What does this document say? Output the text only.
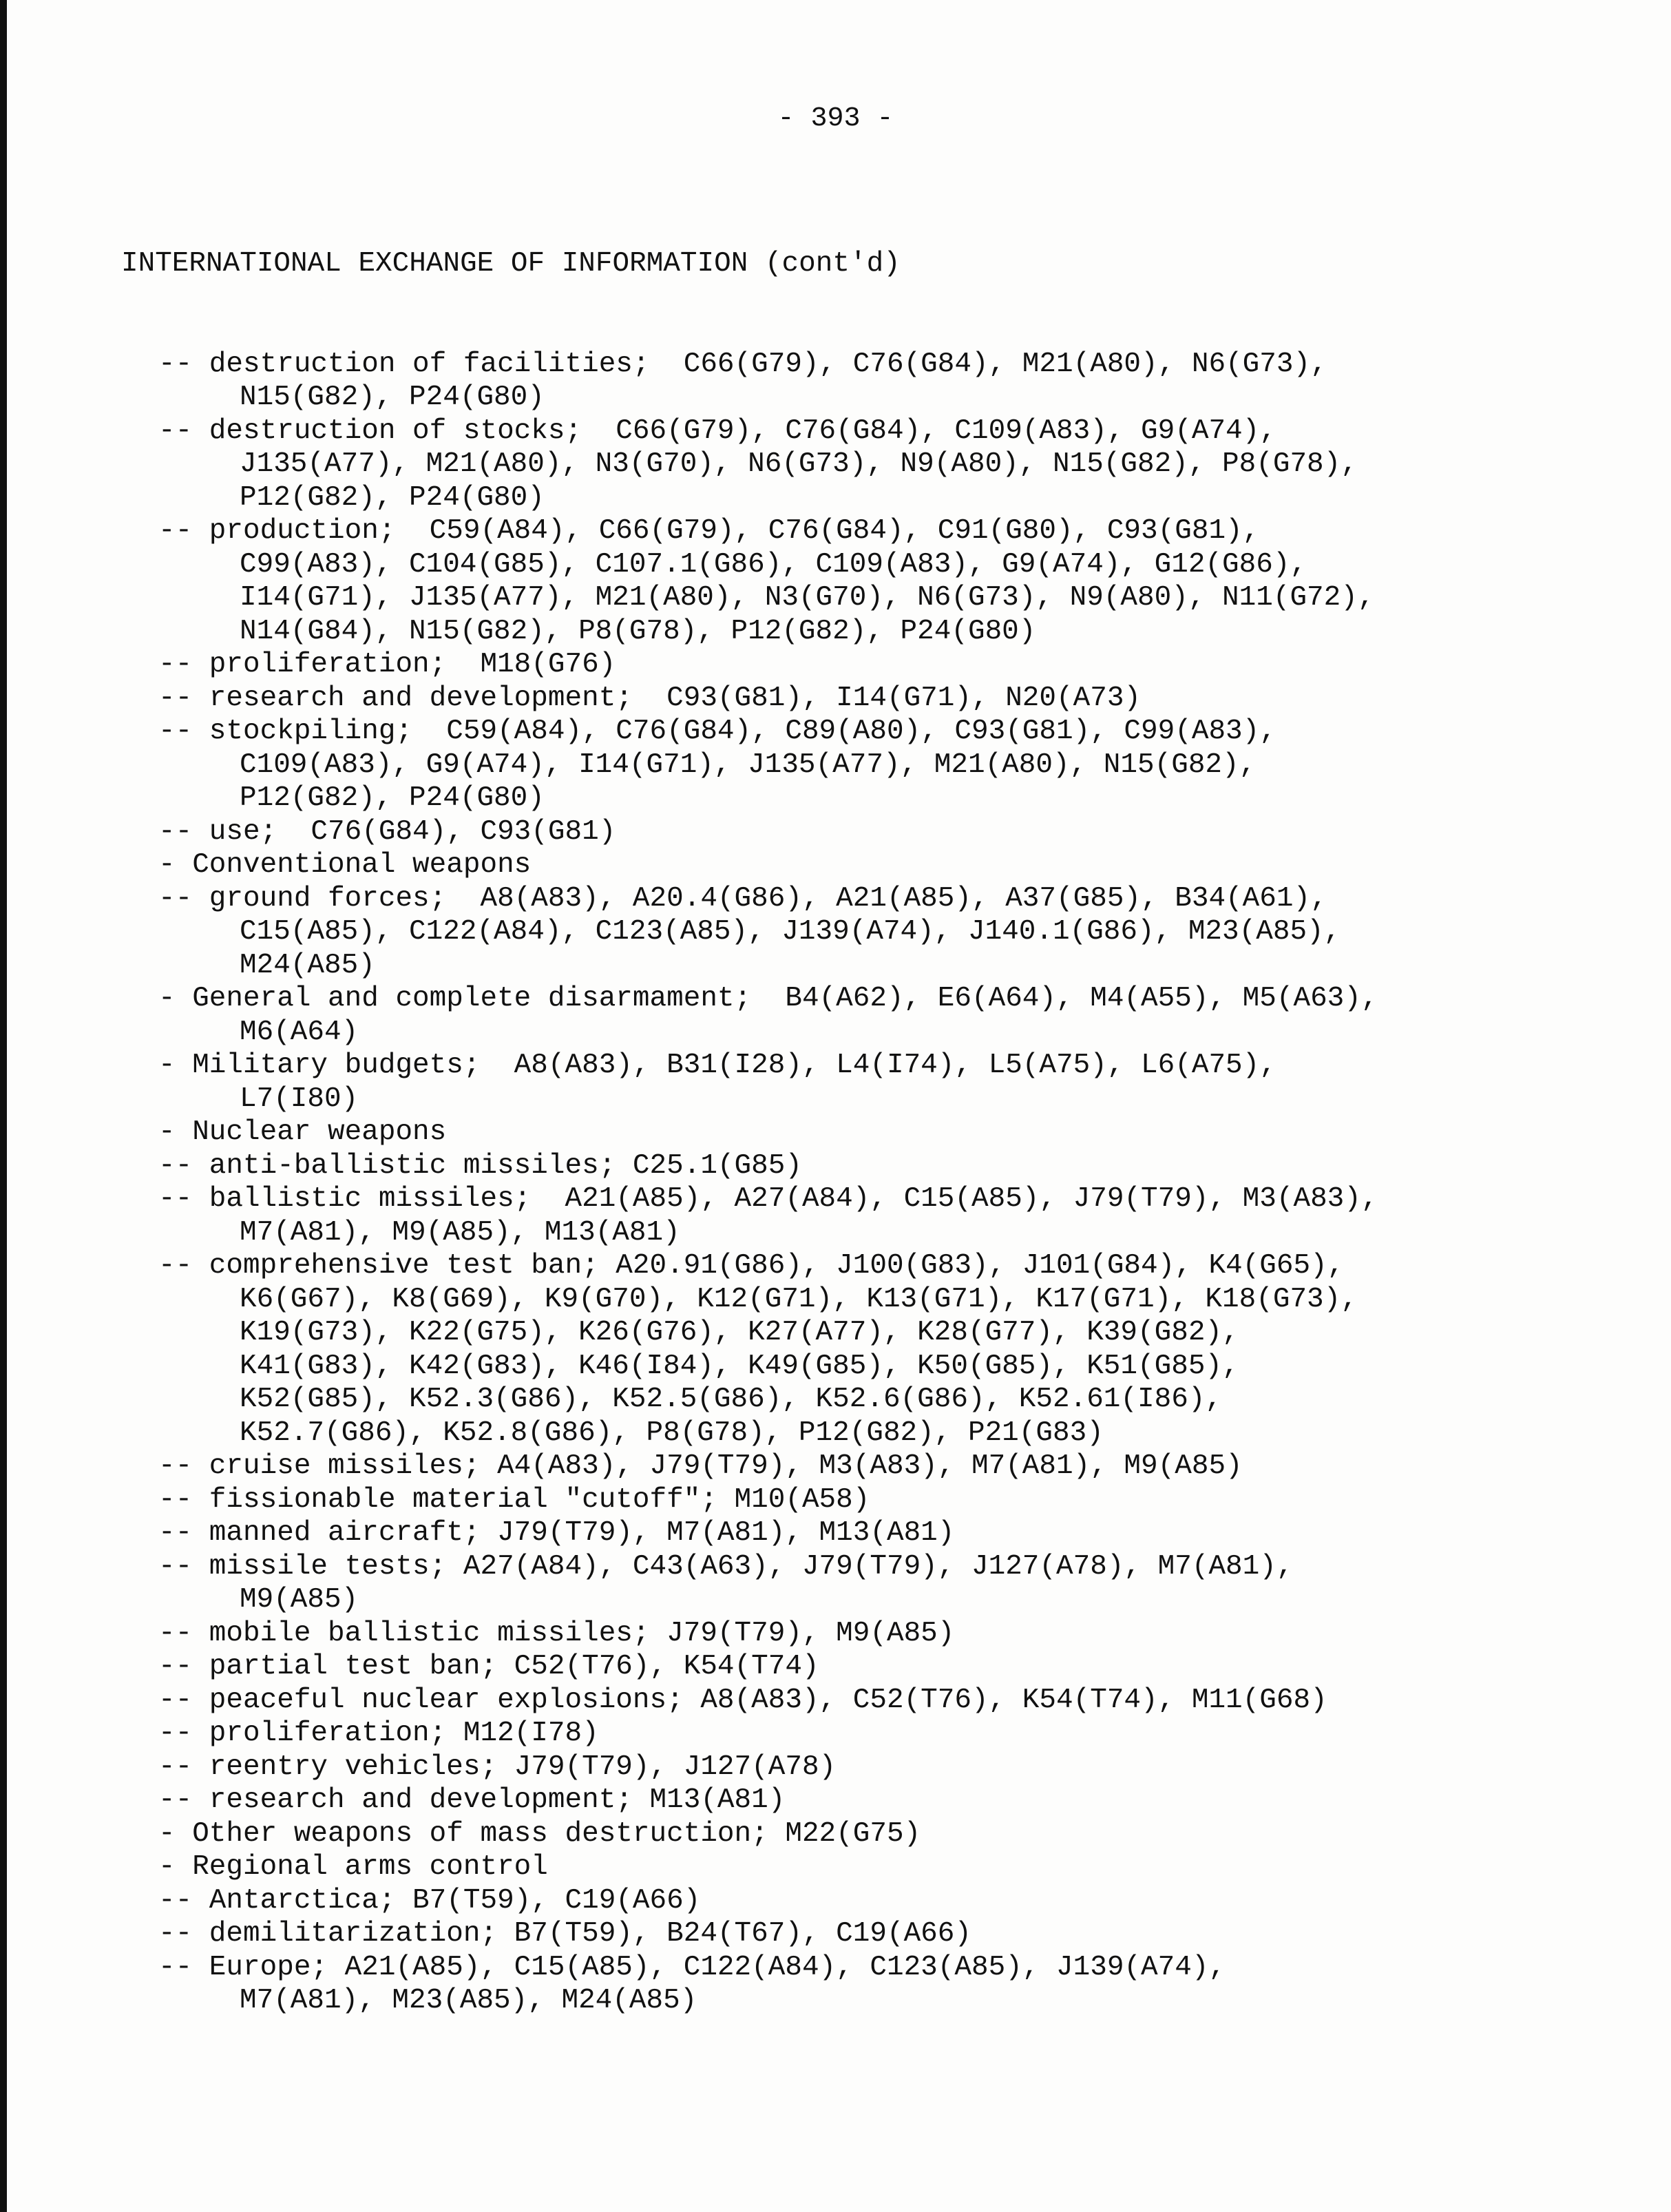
- 393 -

INTERNATIONAL EXCHANGE OF INFORMATION (cont'd)

-- destruction of facilities;  C66(G79), C76(G84), M21(A80), N6(G73),
N15(G82), P24(G80)
-- destruction of stocks;  C66(G79), C76(G84), C109(A83), G9(A74),
J135(A77), M21(A80), N3(G70), N6(G73), N9(A80), N15(G82), P8(G78),
P12(G82), P24(G80)
-- production;  C59(A84), C66(G79), C76(G84), C91(G80), C93(G81),
C99(A83), C104(G85), C107.1(G86), C109(A83), G9(A74), G12(G86),
I14(G71), J135(A77), M21(A80), N3(G70), N6(G73), N9(A80), N11(G72),
N14(G84), N15(G82), P8(G78), P12(G82), P24(G80)
-- proliferation;  M18(G76)
-- research and development;  C93(G81), I14(G71), N20(A73)
-- stockpiling;  C59(A84), C76(G84), C89(A80), C93(G81), C99(A83),
C109(A83), G9(A74), I14(G71), J135(A77), M21(A80), N15(G82),
P12(G82), P24(G80)
-- use;  C76(G84), C93(G81)
- Conventional weapons
-- ground forces;  A8(A83), A20.4(G86), A21(A85), A37(G85), B34(A61),
C15(A85), C122(A84), C123(A85), J139(A74), J140.1(G86), M23(A85),
M24(A85)
- General and complete disarmament;  B4(A62), E6(A64), M4(A55), M5(A63),
M6(A64)
- Military budgets;  A8(A83), B31(I28), L4(I74), L5(A75), L6(A75),
L7(I80)
- Nuclear weapons
-- anti-ballistic missiles; C25.1(G85)
-- ballistic missiles;  A21(A85), A27(A84), C15(A85), J79(T79), M3(A83),
M7(A81), M9(A85), M13(A81)
-- comprehensive test ban; A20.91(G86), J100(G83), J101(G84), K4(G65),
K6(G67), K8(G69), K9(G70), K12(G71), K13(G71), K17(G71), K18(G73),
K19(G73), K22(G75), K26(G76), K27(A77), K28(G77), K39(G82),
K41(G83), K42(G83), K46(I84), K49(G85), K50(G85), K51(G85),
K52(G85), K52.3(G86), K52.5(G86), K52.6(G86), K52.61(I86),
K52.7(G86), K52.8(G86), P8(G78), P12(G82), P21(G83)
-- cruise missiles; A4(A83), J79(T79), M3(A83), M7(A81), M9(A85)
-- fissionable material "cutoff"; M10(A58)
-- manned aircraft; J79(T79), M7(A81), M13(A81)
-- missile tests; A27(A84), C43(A63), J79(T79), J127(A78), M7(A81),
M9(A85)
-- mobile ballistic missiles; J79(T79), M9(A85)
-- partial test ban; C52(T76), K54(T74)
-- peaceful nuclear explosions; A8(A83), C52(T76), K54(T74), M11(G68)
-- proliferation; M12(I78)
-- reentry vehicles; J79(T79), J127(A78)
-- research and development; M13(A81)
- Other weapons of mass destruction; M22(G75)
- Regional arms control
-- Antarctica; B7(T59), C19(A66)
-- demilitarization; B7(T59), B24(T67), C19(A66)
-- Europe; A21(A85), C15(A85), C122(A84), C123(A85), J139(A74),
M7(A81), M23(A85), M24(A85)
